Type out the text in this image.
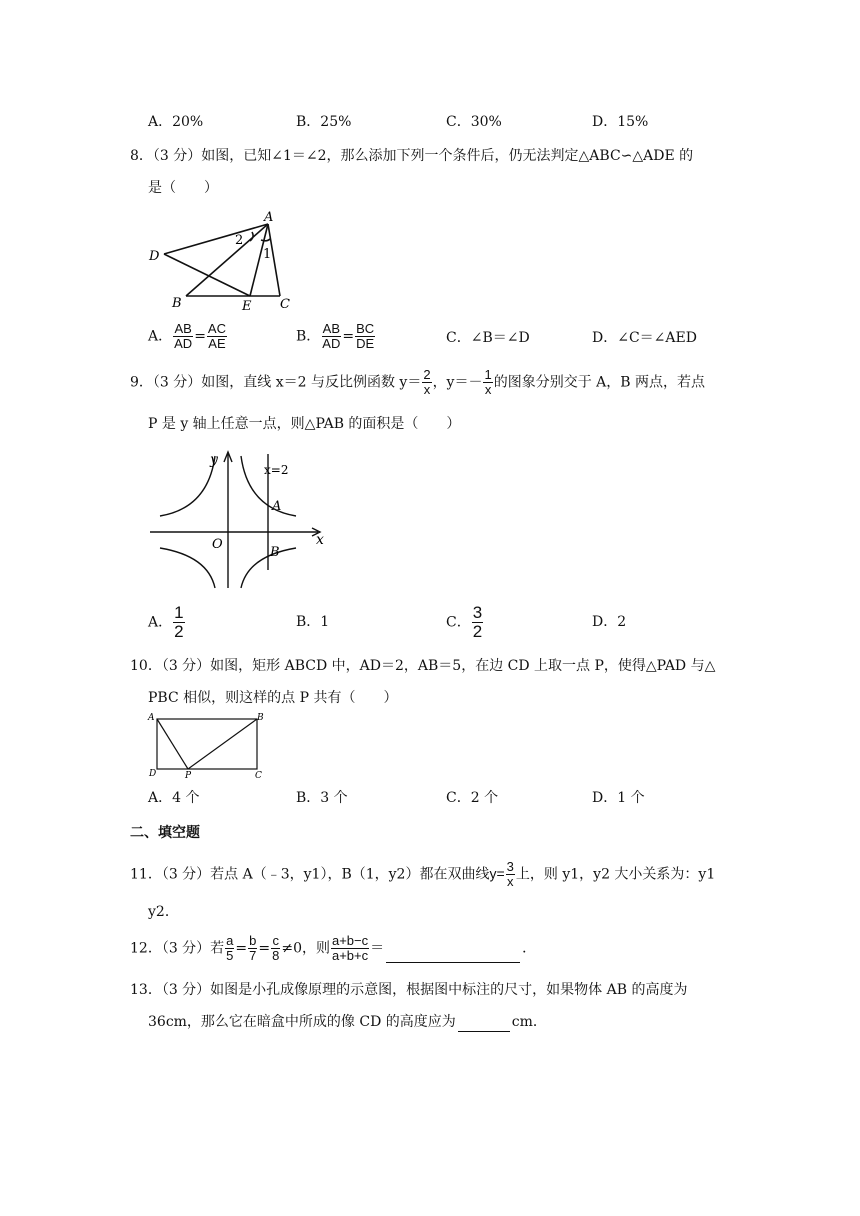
A．20%	B．25%	C．30%	D．15%
8．（3 分）如图，已知∠1＝∠2，那么添加下列一个条件后，仍无法判定△ABC∽△ADE 的
是（　　）
A
D
B	E C
2
1
A． $\frac{AB}{AD} = \frac{AC}{AE}$	B． $\frac{AB}{AD} = \frac{BC}{DE}$	C．∠B＝∠D	D．∠C＝∠AED
9．（3 分）如图，直线 x＝2 与反比例函数 $y= \frac{2}{x}$ ，$y=- \frac{1}{x}$ 的图象分别交于 A，B 两点，若点
P 是 y 轴上任意一点，则△PAB 的面积是（　　）
y
x
O
A
B
x=2
A． $\frac{1}{2}$	B．1	C． $\frac{3}{2}$	D．2
10．（3 分）如图，矩形 ABCD 中，AD＝2，AB＝5，在边 CD 上取一点 P，使得△PAD 与△
PBC 相似，则这样的点 P 共有（　　）
A	B
D	C
P
A．4 个	B．3 个	C．2 个	D．1 个
二、填空题
11．（3 分）若点 A（﹣3，y1），B（1，y2）都在双曲线$y= \frac{3}{x}$ 上，则 y1，y2 大小关系为：y1
y2．
12．（3 分）若 $\frac{a}{5} = \frac{b}{7} = \frac{c}{8} \ne 0$，则 $\frac{a+b-c}{a+b+c}$ ＝	．
13．（3 分）如图是小孔成像原理的示意图，根据图中标注的尺寸，如果物体 AB 的高度为
36cm，那么它在暗盒中所成的像 CD 的高度应为	cm．
